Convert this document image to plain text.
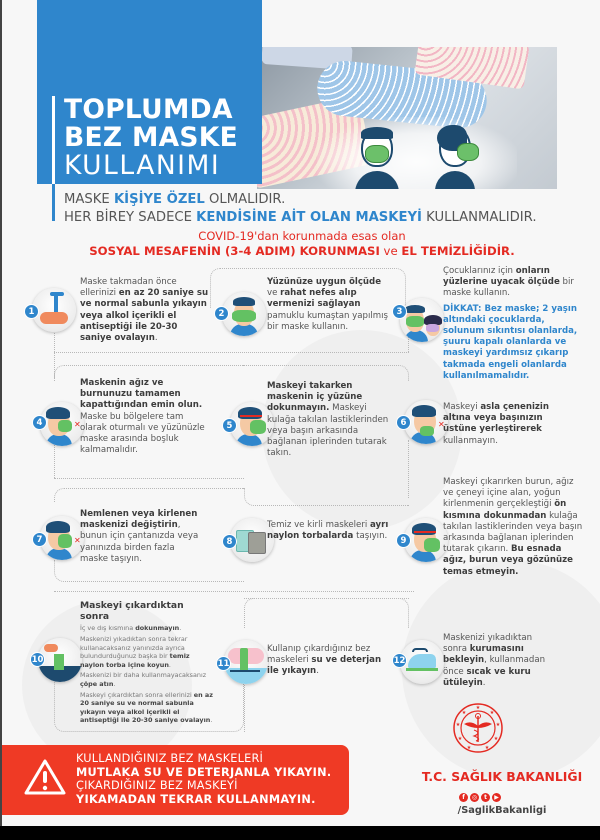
TOPLUMDA
BEZ MASKE
KULLANIMI
MASKE KİŞİYE ÖZEL OLMALIDIR.
HER BİREY SADECE KENDİSİNE AİT OLAN MASKEYİ KULLANMALIDIR.
COVID-19'dan korunmada esas olan
SOSYAL MESAFENİN (3-4 ADIM) KORUNMASI ve EL TEMİZLİĞİDİR.
1
Maske takmadan önce ellerinizi en az 20 saniye su ve normal sabunla yıkayın veya alkol içerikli el antiseptiği ile 20-30 saniye ovalayın.
2
Yüzünüze uygun ölçüde ve rahat nefes alıp vermenizi sağlayan pamuklu kumaştan yapılmış bir maske kullanın.
3
Çocuklarınız için onların yüzlerine uyacak ölçüde bir maske kullanın.
DİKKAT: Bez maske; 2 yaşın altındaki çocuklarda, solunum sıkıntısı olanlarda, şuuru kapalı olanlarda ve maskeyi yardımsız çıkarıp takmada engeli olanlarda kullanılmamalıdır.
✕
4
Maskenin ağız ve burnunuzu tamamen kapattığından emin olun. Maske bu bölgelere tam olarak oturmalı ve yüzünüzle maske arasında boşluk kalmamalıdır.
5
Maskeyi takarken maskenin iç yüzüne dokunmayın. Maskeyi kulağa takılan lastiklerinden veya başın arkasında bağlanan iplerinden tutarak takın.
✕
6
Maskeyi asla çenenizin altına veya başınızın üstüne yerleştirerek kullanmayın.
✕
7
Nemlenen veya kirlenen maskenizi değiştirin, bunun için çantanızda veya yanınızda birden fazla maske taşıyın.
8
Temiz ve kirli maskeleri ayrı naylon torbalarda taşıyın.	9
Maskeyi çıkarırken burun, ağız ve çeneyi içine alan, yoğun kirlenmenin gerçekleştiği ön kısmına dokunmadan kulağa takılan lastiklerinden veya başın arkasında bağlanan iplerinden tutarak çıkarın. Bu esnada ağız, burun veya gözünüze temas etmeyin.
10
Maskeyi çıkardıktan sonra
İç ve dış kısmına dokunmayın.
Maskenizi yıkadıktan sonra tekrar kullanacaksanız yanınızda ayrıca bulundurduğunuz başka bir temiz naylon torba içine koyun.
Maskenizi bir daha kullanmayacaksanız çöpe atın.
Maskeyi çıkardıktan sonra ellerinizi en az 20 saniye su ve normal sabunla yıkayın veya alkol içerikli el antiseptiği ile 20-30 saniye ovalayın.
11
Kullanıp çıkardığınız bez maskeleri su ve deterjan ile yıkayın.
12
Maskenizi yıkadıktan sonra kurumasını bekleyin, kullanmadan önce sıcak ve kuru ütüleyin.
KULLANDIĞINIZ BEZ MASKELERİ
MUTLAKA SU VE DETERJANLA YIKAYIN.
ÇIKARDIĞINIZ BEZ MASKEYİ
YIKAMADAN TEKRAR KULLANMAYIN.
★
★
★
★
★
★
★
★
★
T.C. SAĞLIK BAKANLIĞI
f	◎	t	▶
/SaglikBakanligi
